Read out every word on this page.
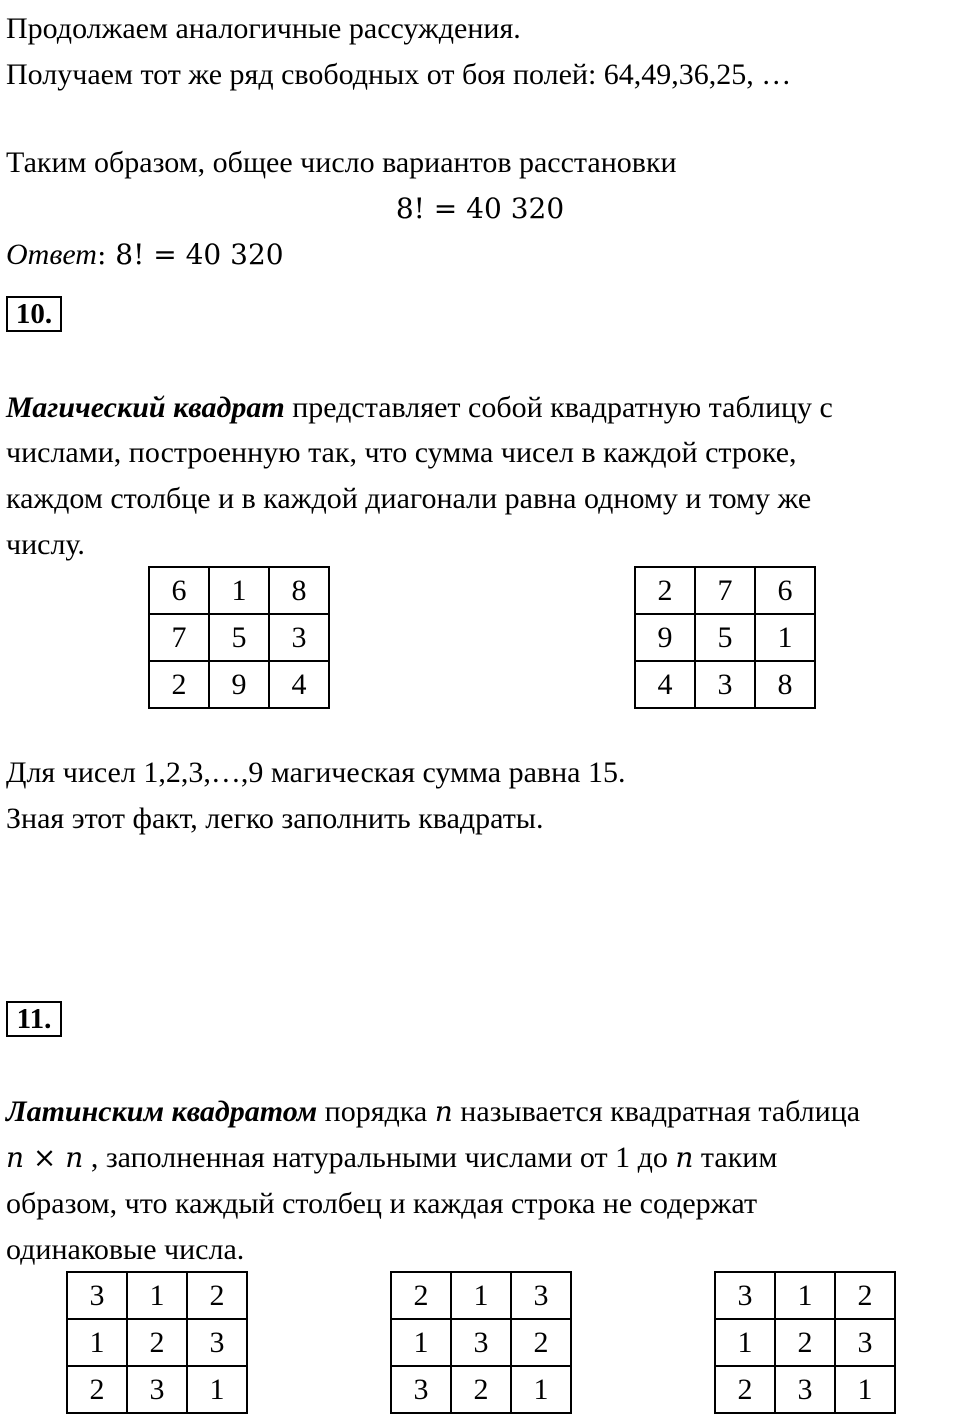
Продолжаем аналогичные рассуждения.
Получаем тот же ряд свободных от боя полей: 64,49,36,25, …
Таким образом, общее число вариантов расстановки
8! = 40 320
Ответ: 8! = 40 320
10.
Магический квадрат представляет собой квадратную таблицу с
числами, построенную так, что сумма чисел в каждой строке,
каждом столбце и в каждой диагонали равна одному и тому же
числу.
6	1	8
7	5	3
2	9	4
2	7	6
9	5	1
4	3	8
Для чисел 1,2,3,…,9 магическая сумма равна 15.
Зная этот факт, легко заполнить квадраты.
11.
Латинским квадратом порядка n называется квадратная таблица
n × n , заполненная натуральными числами от 1 до n таким
образом, что каждый столбец и каждая строка не содержат
одинаковые числа.
3	1	2
1	2	3
2	3	1
2	1	3
1	3	2
3	2	1
3	1	2
1	2	3
2	3	1
